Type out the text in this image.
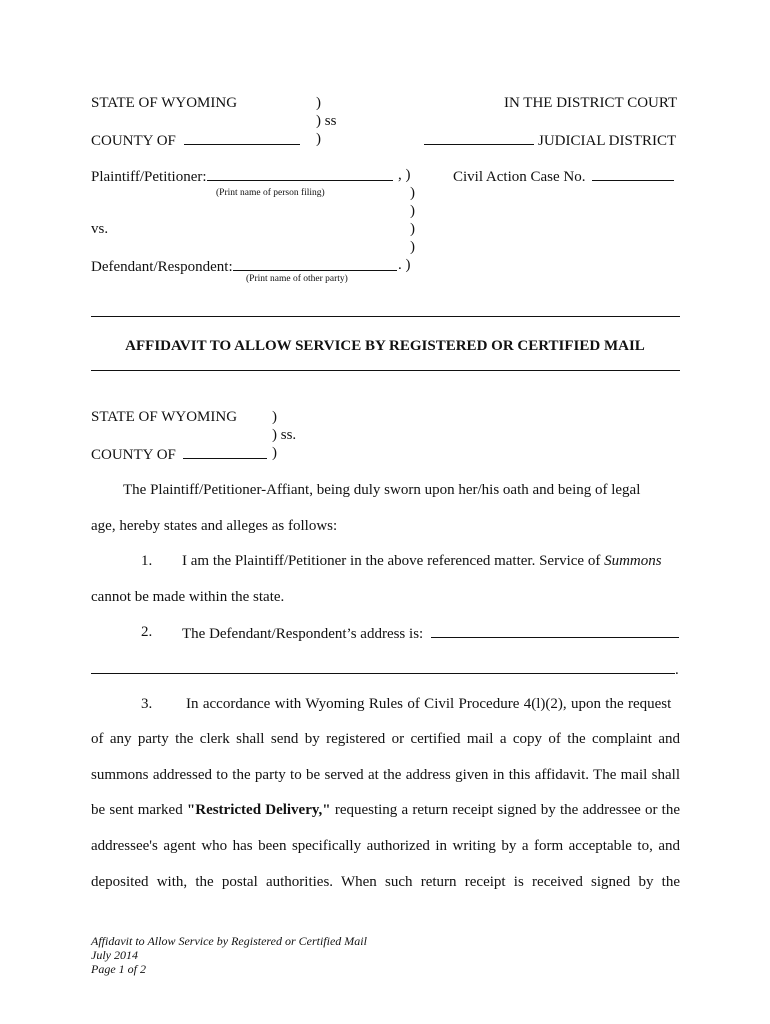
STATE OF WYOMING	)	IN THE DISTRICT COURT
) ss
COUNTY OF	)	JUDICIAL DISTRICT
Plaintiff/Petitioner:	, )	Civil Action Case No.
(Print name of person filing)	)
)
vs.	)
)
Defendant/Respondent:	. )
(Print name of other party)
AFFIDAVIT TO ALLOW SERVICE BY REGISTERED OR CERTIFIED MAIL
STATE OF WYOMING )
) ss.
COUNTY OF	)
The Plaintiff/Petitioner-Affiant, being duly sworn upon her/his oath and being of legal
age, hereby states and alleges as follows:
1. I am the Plaintiff/Petitioner in the above referenced matter. Service of Summons
cannot be made within the state.
2. The Defendant/Respondent’s address is:
.
3. In accordance with Wyoming Rules of Civil Procedure 4(l)(2), upon the request
of any party the clerk shall send by registered or certified mail a copy of the complaint and
summons addressed to the party to be served at the address given in this affidavit. The mail shall
be sent marked "Restricted Delivery," requesting a return receipt signed by the addressee or the
addressee's agent who has been specifically authorized in writing by a form acceptable to, and
deposited with, the postal authorities. When such return receipt is received signed by the
Affidavit to Allow Service by Registered or Certified Mail
July 2014
Page 1 of 2
